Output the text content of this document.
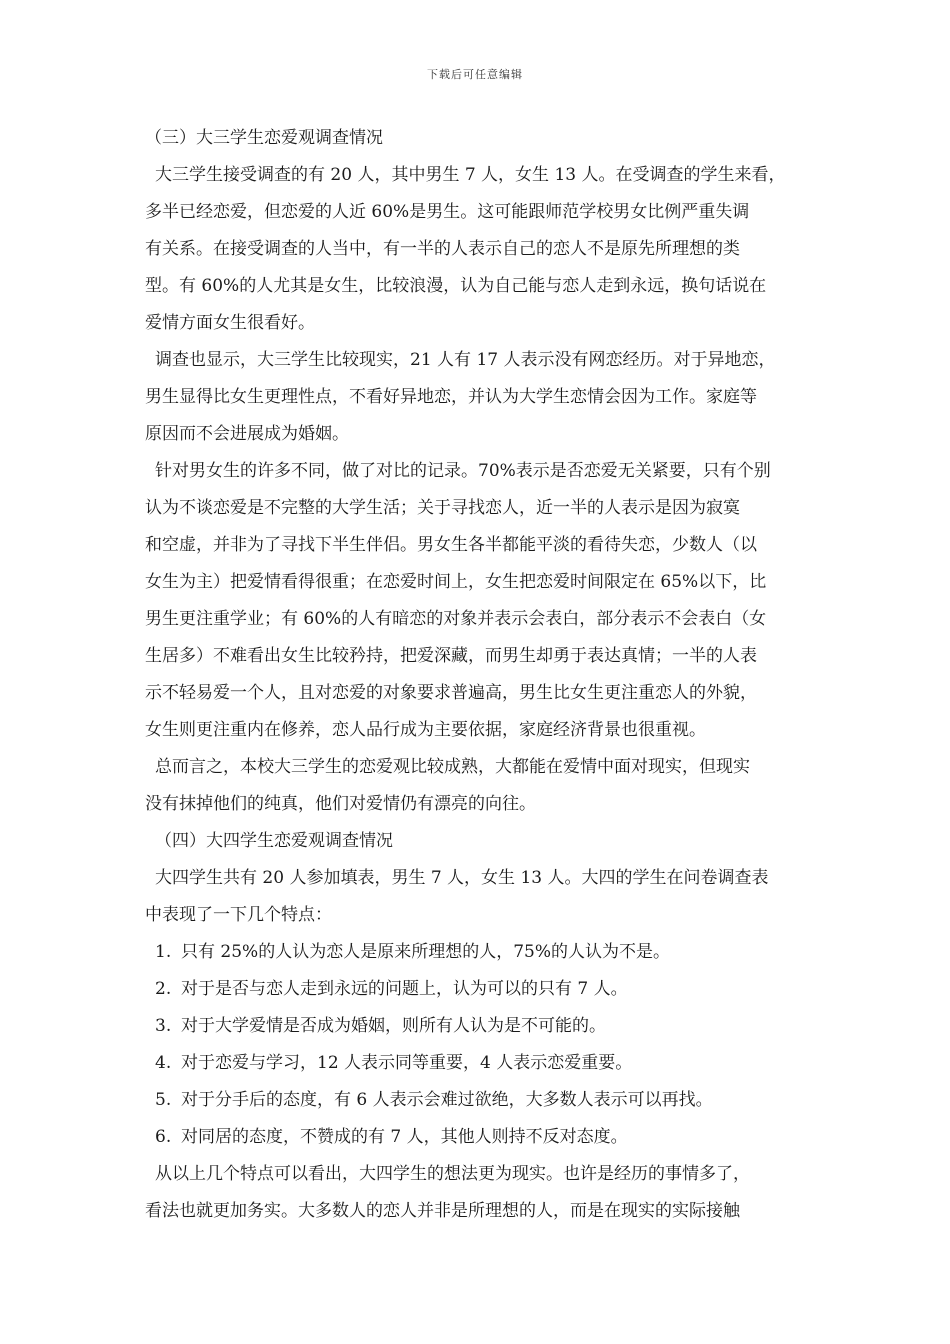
下载后可任意编辑
（三）大三学生恋爱观调查情况
大三学生接受调查的有 20 人，其中男生 7 人，女生 13 人。在受调查的学生来看，
多半已经恋爱，但恋爱的人近 60%是男生。这可能跟师范学校男女比例严重失调
有关系。在接受调查的人当中，有一半的人表示自己的恋人不是原先所理想的类
型。有 60%的人尤其是女生，比较浪漫，认为自己能与恋人走到永远，换句话说在
爱情方面女生很看好。
调查也显示，大三学生比较现实，21 人有 17 人表示没有网恋经历。对于异地恋，
男生显得比女生更理性点，不看好异地恋，并认为大学生恋情会因为工作。家庭等
原因而不会进展成为婚姻。
针对男女生的许多不同，做了对比的记录。70%表示是否恋爱无关紧要，只有个别
认为不谈恋爱是不完整的大学生活；关于寻找恋人，近一半的人表示是因为寂寞
和空虚，并非为了寻找下半生伴侣。男女生各半都能平淡的看待失恋，少数人（以
女生为主）把爱情看得很重；在恋爱时间上，女生把恋爱时间限定在 65%以下，比
男生更注重学业；有 60%的人有暗恋的对象并表示会表白，部分表示不会表白（女
生居多）不难看出女生比较矜持，把爱深藏，而男生却勇于表达真情；一半的人表
示不轻易爱一个人，且对恋爱的对象要求普遍高，男生比女生更注重恋人的外貌，
女生则更注重内在修养，恋人品行成为主要依据，家庭经济背景也很重视。
总而言之，本校大三学生的恋爱观比较成熟，大都能在爱情中面对现实，但现实
没有抹掉他们的纯真，他们对爱情仍有漂亮的向往。
（四）大四学生恋爱观调查情况
大四学生共有 20 人参加填表，男生 7 人，女生 13 人。大四的学生在问卷调查表
中表现了一下几个特点：
1. 只有 25%的人认为恋人是原来所理想的人，75%的人认为不是。
2. 对于是否与恋人走到永远的问题上，认为可以的只有 7 人。
3. 对于大学爱情是否成为婚姻，则所有人认为是不可能的。
4. 对于恋爱与学习，12 人表示同等重要，4 人表示恋爱重要。
5. 对于分手后的态度，有 6 人表示会难过欲绝，大多数人表示可以再找。
6. 对同居的态度，不赞成的有 7 人，其他人则持不反对态度。
从以上几个特点可以看出，大四学生的想法更为现实。也许是经历的事情多了，
看法也就更加务实。大多数人的恋人并非是所理想的人，而是在现实的实际接触
